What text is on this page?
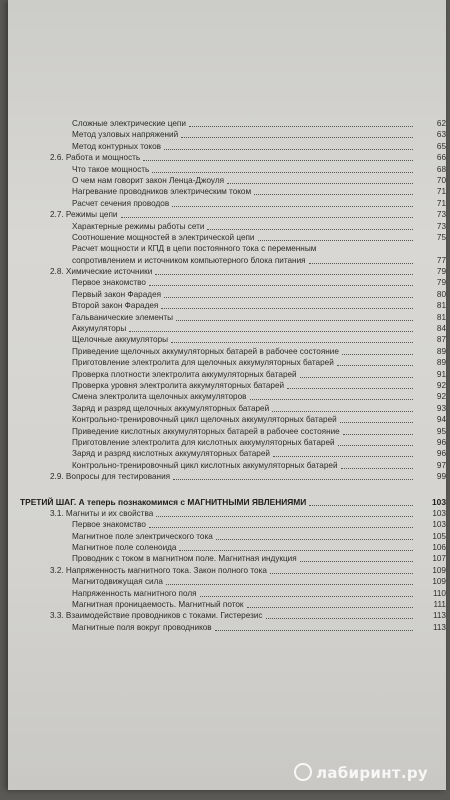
Сложные электрические цепи	62
Метод узловых напряжений	63
Метод контурных токов	65
2.6. Работа и мощность	66
Что такое мощность	68
О чем нам говорит закон Ленца-Джоуля	70
Нагревание проводников электрическим током	71
Расчет сечения проводов	71
2.7. Режимы цепи	73
Характерные режимы работы сети	73
Соотношение мощностей в электрической цепи	75
Расчет мощности и КПД в цепи постоянного тока с переменным
сопротивлением и источником компьютерного блока питания	77
2.8. Химические источники	79
Первое знакомство	79
Первый закон Фарадея	80
Второй закон Фарадея	81
Гальванические элементы	81
Аккумуляторы	84
Щелочные аккумуляторы	87
Приведение щелочных аккумуляторных батарей в рабочее состояние	89
Приготовление электролита для щелочных аккумуляторных батарей	89
Проверка плотности электролита аккумуляторных батарей	91
Проверка уровня электролита аккумуляторных батарей	92
Смена электролита щелочных аккумуляторов	92
Заряд и разряд щелочных аккумуляторных батарей	93
Контрольно-тренировочный цикл щелочных аккумуляторных батарей	94
Приведение кислотных аккумуляторных батарей в рабочее состояние	95
Приготовление электролита для кислотных аккумуляторных батарей	96
Заряд и разряд кислотных аккумуляторных батарей	96
Контрольно-тренировочный цикл кислотных аккумуляторных батарей	97
2.9. Вопросы для тестирования	99
ТРЕТИЙ ШАГ. А теперь познакомимся с МАГНИТНЫМИ ЯВЛЕНИЯМИ	103
3.1. Магниты и их свойства	103
Первое знакомство	103
Магнитное поле электрического тока	105
Магнитное поле соленоида	106
Проводник с током в магнитном поле. Магнитная индукция	107
3.2. Напряженность магнитного тока. Закон полного тока	109
Магнитодвижущая сила	109
Напряженность магнитного поля	110
Магнитная проницаемость. Магнитный поток	111
3.3. Взаимодействие проводников с токами. Гистерезис	113
Магнитные поля вокруг проводников	113
лабиринт.ру
